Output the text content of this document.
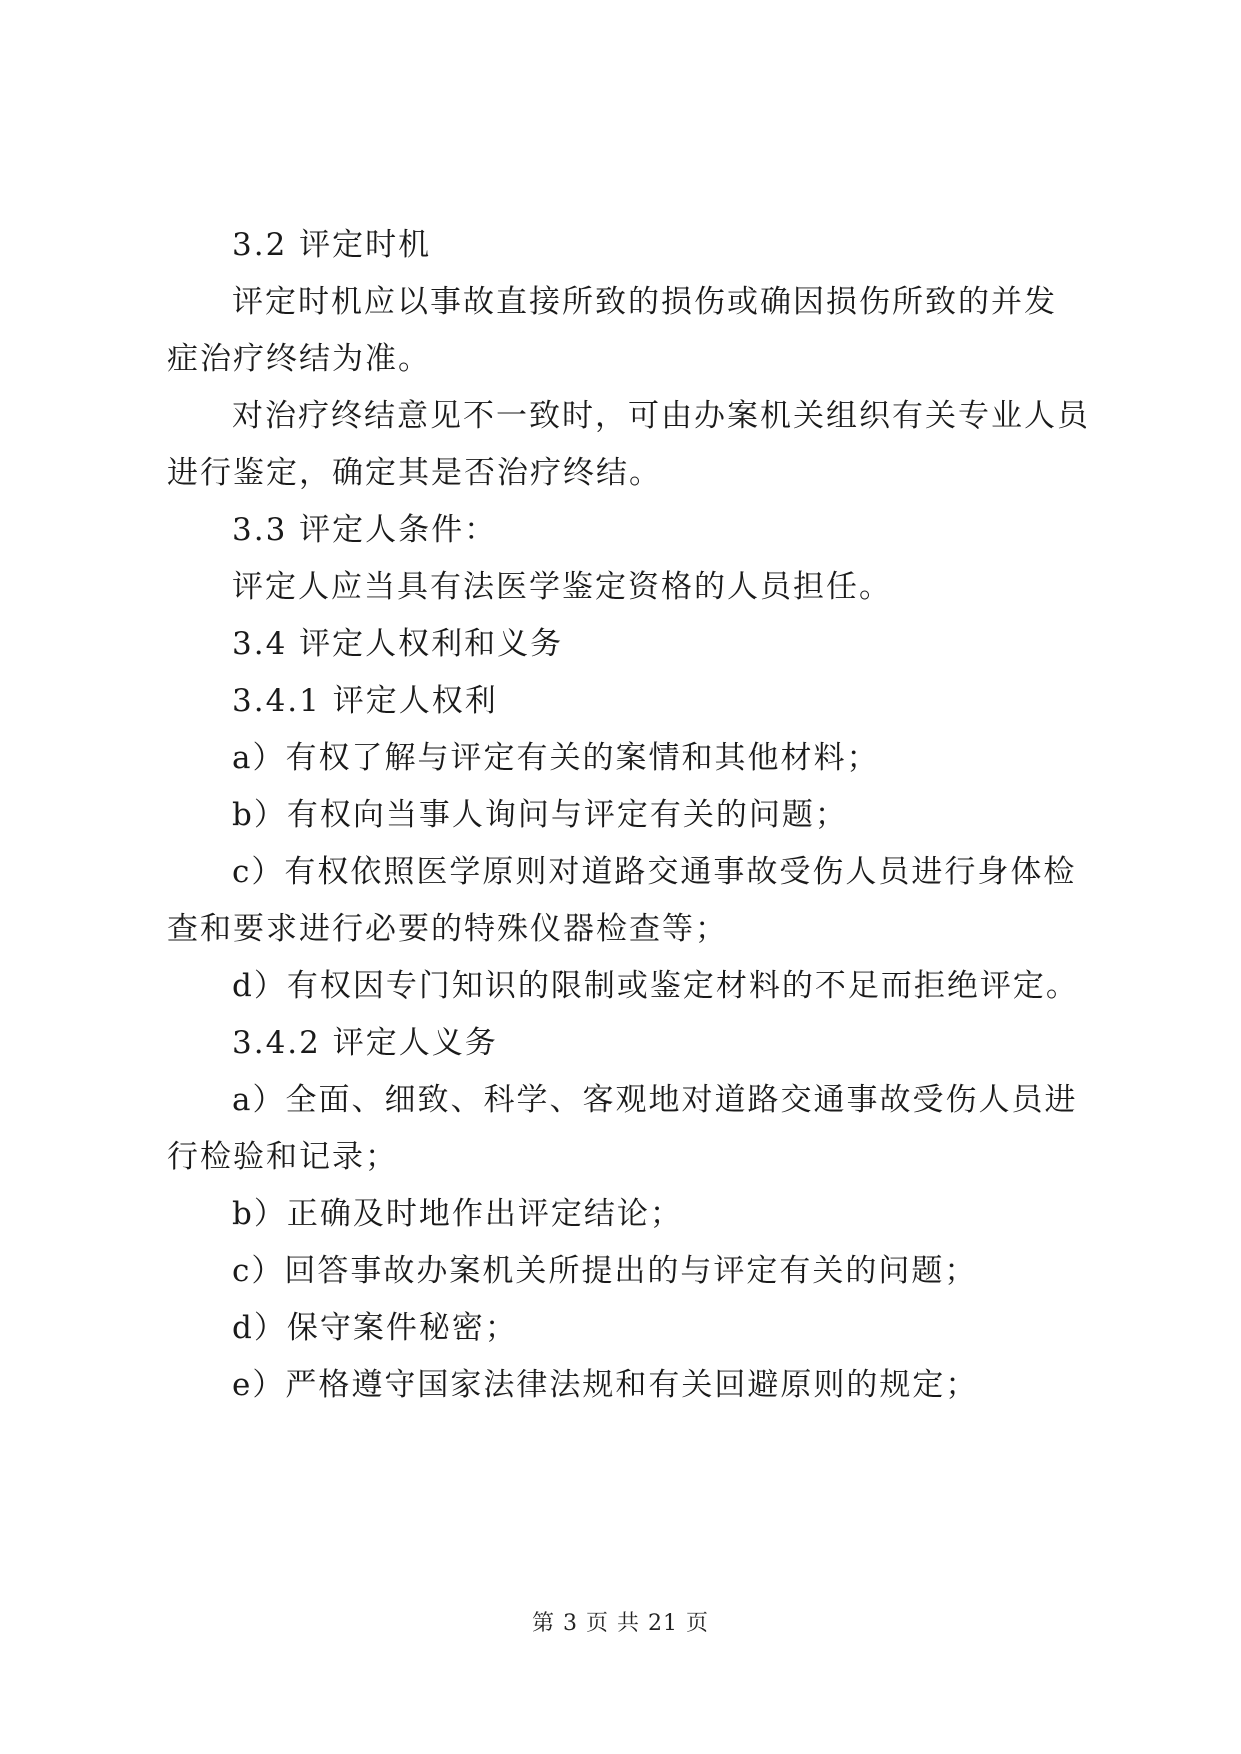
3.2 评定时机
评定时机应以事故直接所致的损伤或确因损伤所致的并发
症治疗终结为准。
对治疗终结意见不一致时，可由办案机关组织有关专业人员
进行鉴定，确定其是否治疗终结。
3.3 评定人条件：
评定人应当具有法医学鉴定资格的人员担任。
3.4 评定人权利和义务
3.4.1 评定人权利
a）有权了解与评定有关的案情和其他材料；
b）有权向当事人询问与评定有关的问题；
c）有权依照医学原则对道路交通事故受伤人员进行身体检
查和要求进行必要的特殊仪器检查等；
d）有权因专门知识的限制或鉴定材料的不足而拒绝评定。
3.4.2 评定人义务
a）全面、细致、科学、客观地对道路交通事故受伤人员进
行检验和记录；
b）正确及时地作出评定结论；
c）回答事故办案机关所提出的与评定有关的问题；
d）保守案件秘密；
e）严格遵守国家法律法规和有关回避原则的规定；
第 3 页 共 21 页
